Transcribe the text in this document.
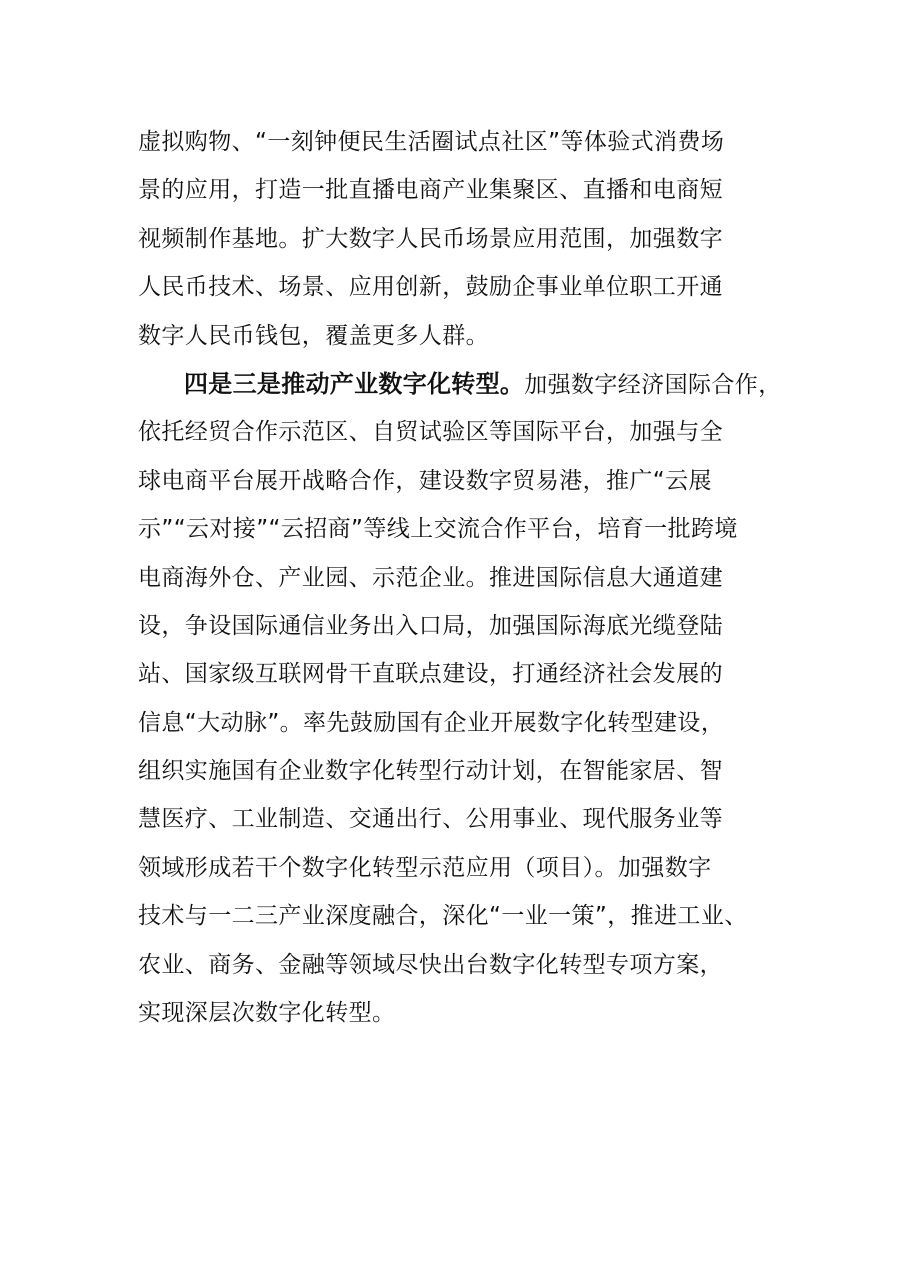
虚拟购物、“一刻钟便民生活圈试点社区”等体验式消费场
景的应用，打造一批直播电商产业集聚区、直播和电商短
视频制作基地。扩大数字人民币场景应用范围，加强数字
人民币技术、场景、应用创新，鼓励企事业单位职工开通
数字人民币钱包，覆盖更多人群。
四是三是推动产业数字化转型。加强数字经济国际合作，
依托经贸合作示范区、自贸试验区等国际平台，加强与全
球电商平台展开战略合作，建设数字贸易港，推广“云展
示”“云对接”“云招商”等线上交流合作平台，培育一批跨境
电商海外仓、产业园、示范企业。推进国际信息大通道建
设，争设国际通信业务出入口局，加强国际海底光缆登陆
站、国家级互联网骨干直联点建设，打通经济社会发展的
信息“大动脉”。率先鼓励国有企业开展数字化转型建设，
组织实施国有企业数字化转型行动计划，在智能家居、智
慧医疗、工业制造、交通出行、公用事业、现代服务业等
领域形成若干个数字化转型示范应用（项目）。加强数字
技术与一二三产业深度融合，深化“一业一策”，推进工业、
农业、商务、金融等领域尽快出台数字化转型专项方案，
实现深层次数字化转型。
